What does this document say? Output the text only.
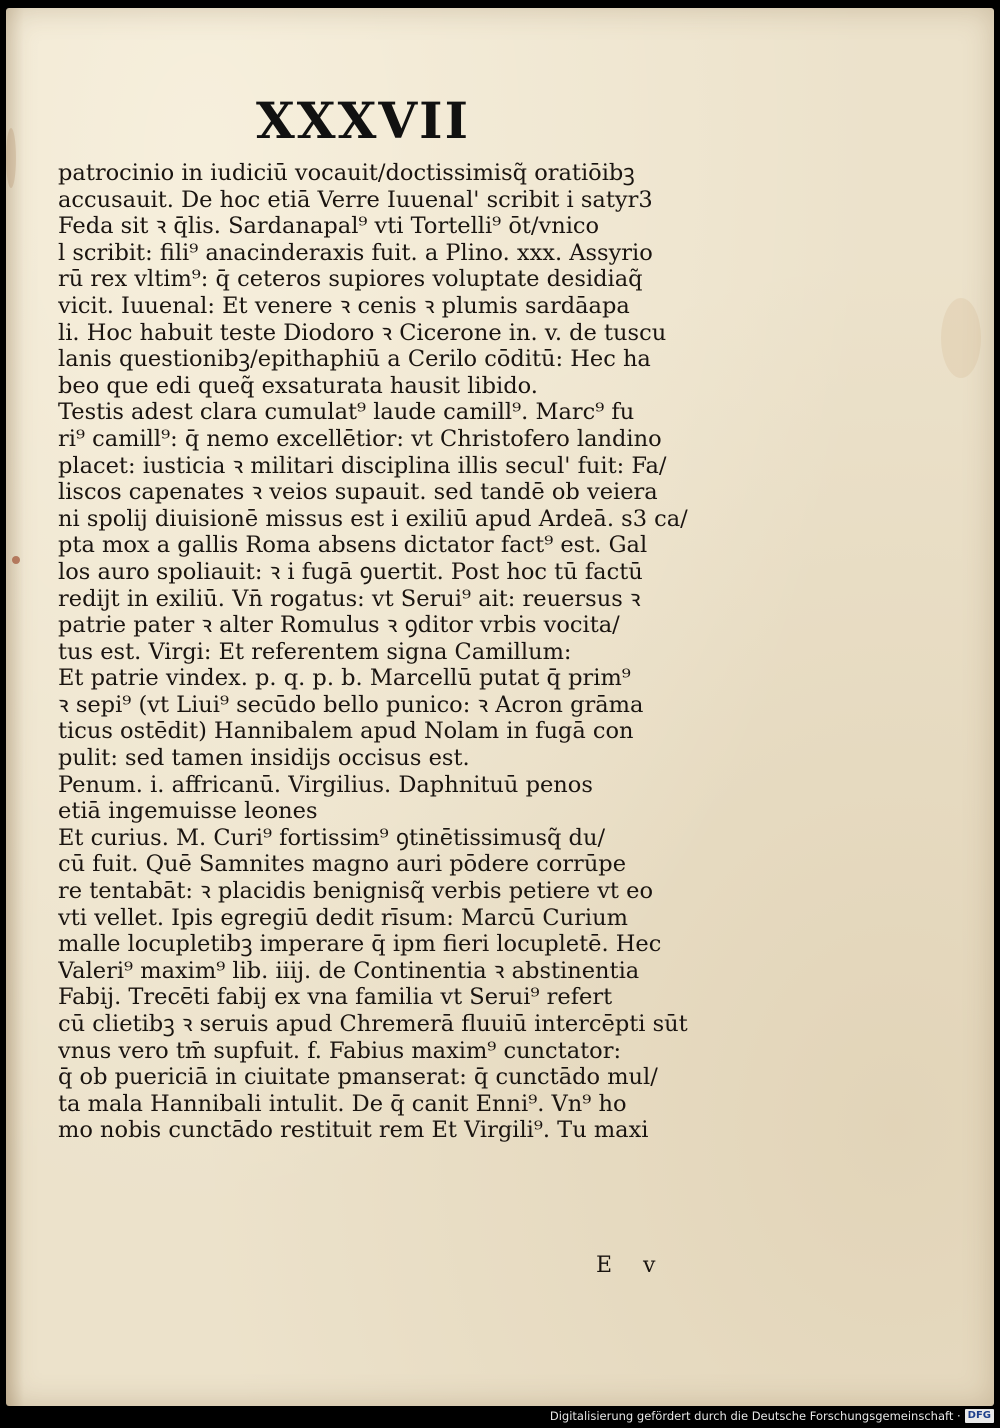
XXXVII
patrocinio in iudiciū vocauit/doctissimisq̃ oratiōibꝫ
accusauit. De hoc etiā Verre Iuuenal' scribit i satyr3
Feda sit ꝛ q̄lis. Sardanapal⁹ vti Tortelli⁹ ōt/vnico
l scribit: fili⁹ anacinderaxis fuit. a Plino. xxx. Assyrio
rū rex vltim⁹: q̄ ceteros supiores voluptate desidiaq̃
vicit. Iuuenal: Et venere ꝛ cenis ꝛ plumis sardāapa
li. Hoc habuit teste Diodoro ꝛ Cicerone in. v. de tuscu
lanis questionibꝫ/epithaphiū a Cerilo cōditū: Hec ha
beo que edi queq̃ exsaturata hausit libido.
Testis adest clara cumulat⁹ laude camill⁹. Marc⁹ fu
ri⁹ camill⁹: q̄ nemo excellētior: vt Christofero landino
placet: iusticia ꝛ militari disciplina illis secul' fuit: Fa/
liscos capenates ꝛ veios supauit. sed tandē ob veiera
ni spolij diuisionē missus est i exiliū apud Ardeā. s3 ca/
pta mox a gallis Roma absens dictator fact⁹ est. Gal
los auro spoliauit: ꝛ i fugā ꝯuertit. Post hoc tū factū
redijt in exiliū. Vn̄ rogatus: vt Serui⁹ ait: reuersus ꝛ
patrie pater ꝛ alter Romulus ꝛ ꝯditor vrbis vocita/
tus est. Virgi: Et referentem signa Camillum:
Et patrie vindex. p. q. p. b. Marcellū putat q̄ prim⁹
ꝛ sepi⁹ (vt Liui⁹ secūdo bello punico: ꝛ Acron grāma
ticus ostēdit) Hannibalem apud Nolam in fugā con
pulit: sed tamen insidijs occisus est.
Penum. i. affricanū. Virgilius. Daphnituū penos
etiā ingemuisse leones
Et curius. M. Curi⁹ fortissim⁹ ꝯtinētissimusq̃ du/
cū fuit. Quē Samnites magno auri pōdere corrūpe
re tentabāt: ꝛ placidis benignisq̃ verbis petiere vt eo
vti vellet. Ipis egregiū dedit rīsum: Marcū Curium
malle locupletibꝫ imperare q̄ ipm fieri locupletē. Hec
Valeri⁹ maxim⁹ lib. iiij. de Continentia ꝛ abstinentia
Fabij. Trecēti fabij ex vna familia vt Serui⁹ refert
cū clietibꝫ ꝛ seruis apud Chremerā fluuiū intercēpti sūt
vnus vero tm̄ supfuit. f. Fabius maxim⁹ cunctator:
q̄ ob puericiā in ciuitate pmanserat: q̄ cunctādo mul/
ta mala Hannibali intulit. De q̄ canit Enni⁹. Vn⁹ ho
mo nobis cunctādo restituit rem Et Virgili⁹. Tu maxi
E v
Digitalisierung gefördert durch die Deutsche Forschungsgemeinschaft · DFG
